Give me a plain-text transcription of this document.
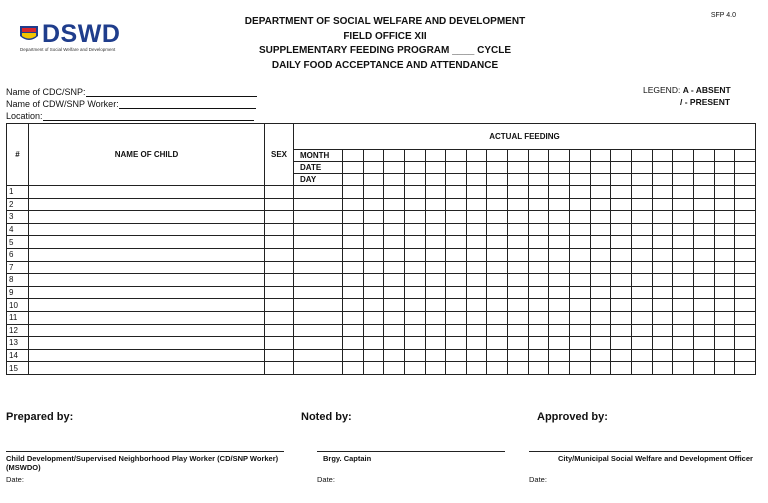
DSWD
Department of Social Welfare and Development
SFP 4.0
DEPARTMENT OF SOCIAL WELFARE AND DEVELOPMENT
FIELD OFFICE XII
SUPPLEMENTARY FEEDING PROGRAM ____ CYCLE
DAILY FOOD ACCEPTANCE AND ATTENDANCE
Name of CDC/SNP:
Name of CDW/SNP Worker:
Location:
LEGEND: A - ABSENT
/ - PRESENT
#	NAME OF CHILD	SEX	ACTUAL FEEDING																				
			MONTH																				
			DATE																				
			DAY																				
1																							
2																							
3																							
4																							
5																							
6																							
7																							
8																							
9																							
10																							
11																							
12																							
13																							
14																							
15																							
Prepared by:	Noted by:	Approved by:
Child Development/Supervised Neighborhood Play Worker (CD/SNP Worker)
(MSWDO)
Brgy. Captain	City/Municipal Social Welfare and Development Officer
Date:	Date:	Date:
